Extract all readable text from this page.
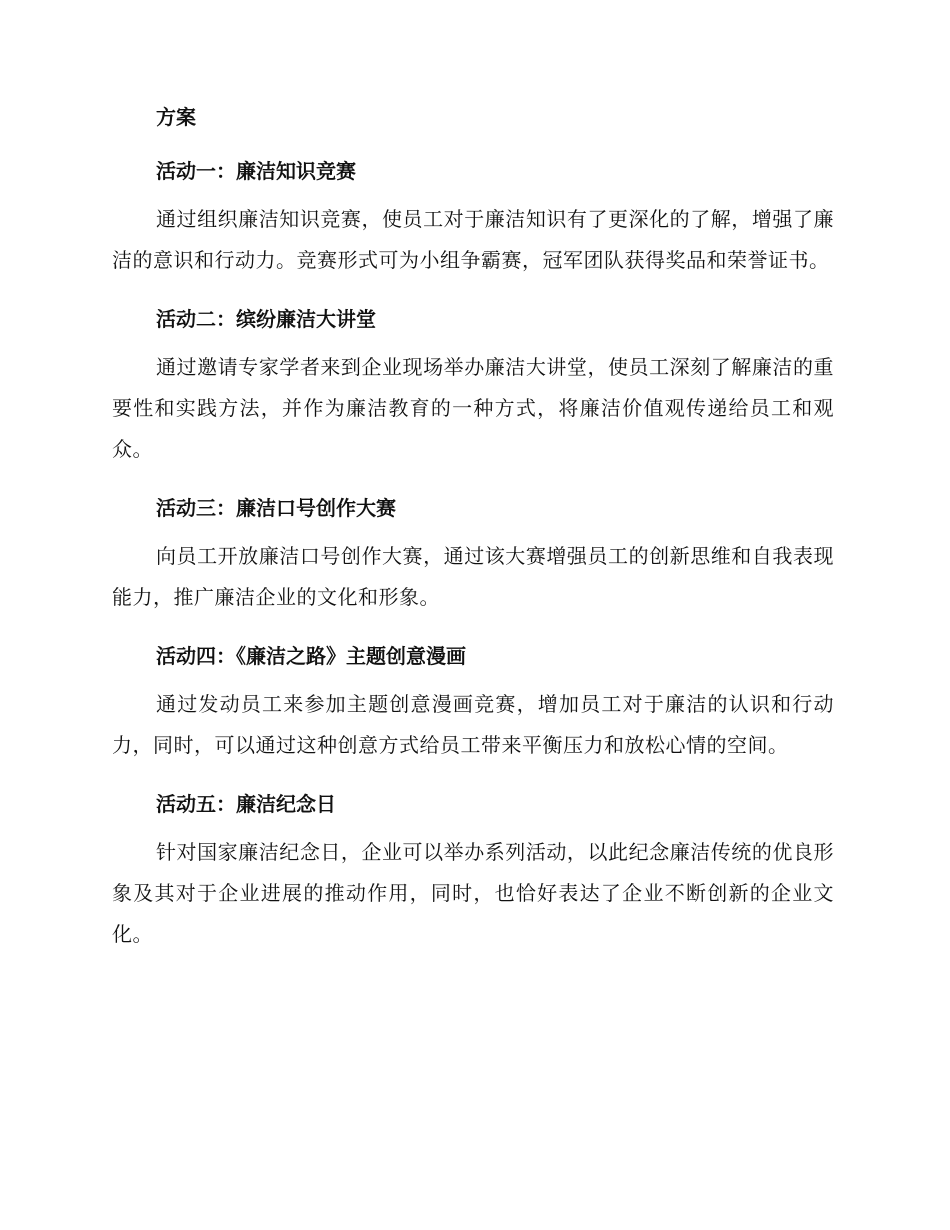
方案

活动一：廉洁知识竞赛

通过组织廉洁知识竞赛，使员工对于廉洁知识有了更深化的了解，增强了廉洁的意识和行动力。竞赛形式可为小组争霸赛，冠军团队获得奖品和荣誉证书。

活动二：缤纷廉洁大讲堂

通过邀请专家学者来到企业现场举办廉洁大讲堂，使员工深刻了解廉洁的重要性和实践方法，并作为廉洁教育的一种方式，将廉洁价值观传递给员工和观众。

活动三：廉洁口号创作大赛

向员工开放廉洁口号创作大赛，通过该大赛增强员工的创新思维和自我表现能力，推广廉洁企业的文化和形象。

活动四：《廉洁之路》主题创意漫画

通过发动员工来参加主题创意漫画竞赛，增加员工对于廉洁的认识和行动力，同时，可以通过这种创意方式给员工带来平衡压力和放松心情的空间。

活动五：廉洁纪念日

针对国家廉洁纪念日，企业可以举办系列活动，以此纪念廉洁传统的优良形象及其对于企业进展的推动作用，同时，也恰好表达了企业不断创新的企业文化。
